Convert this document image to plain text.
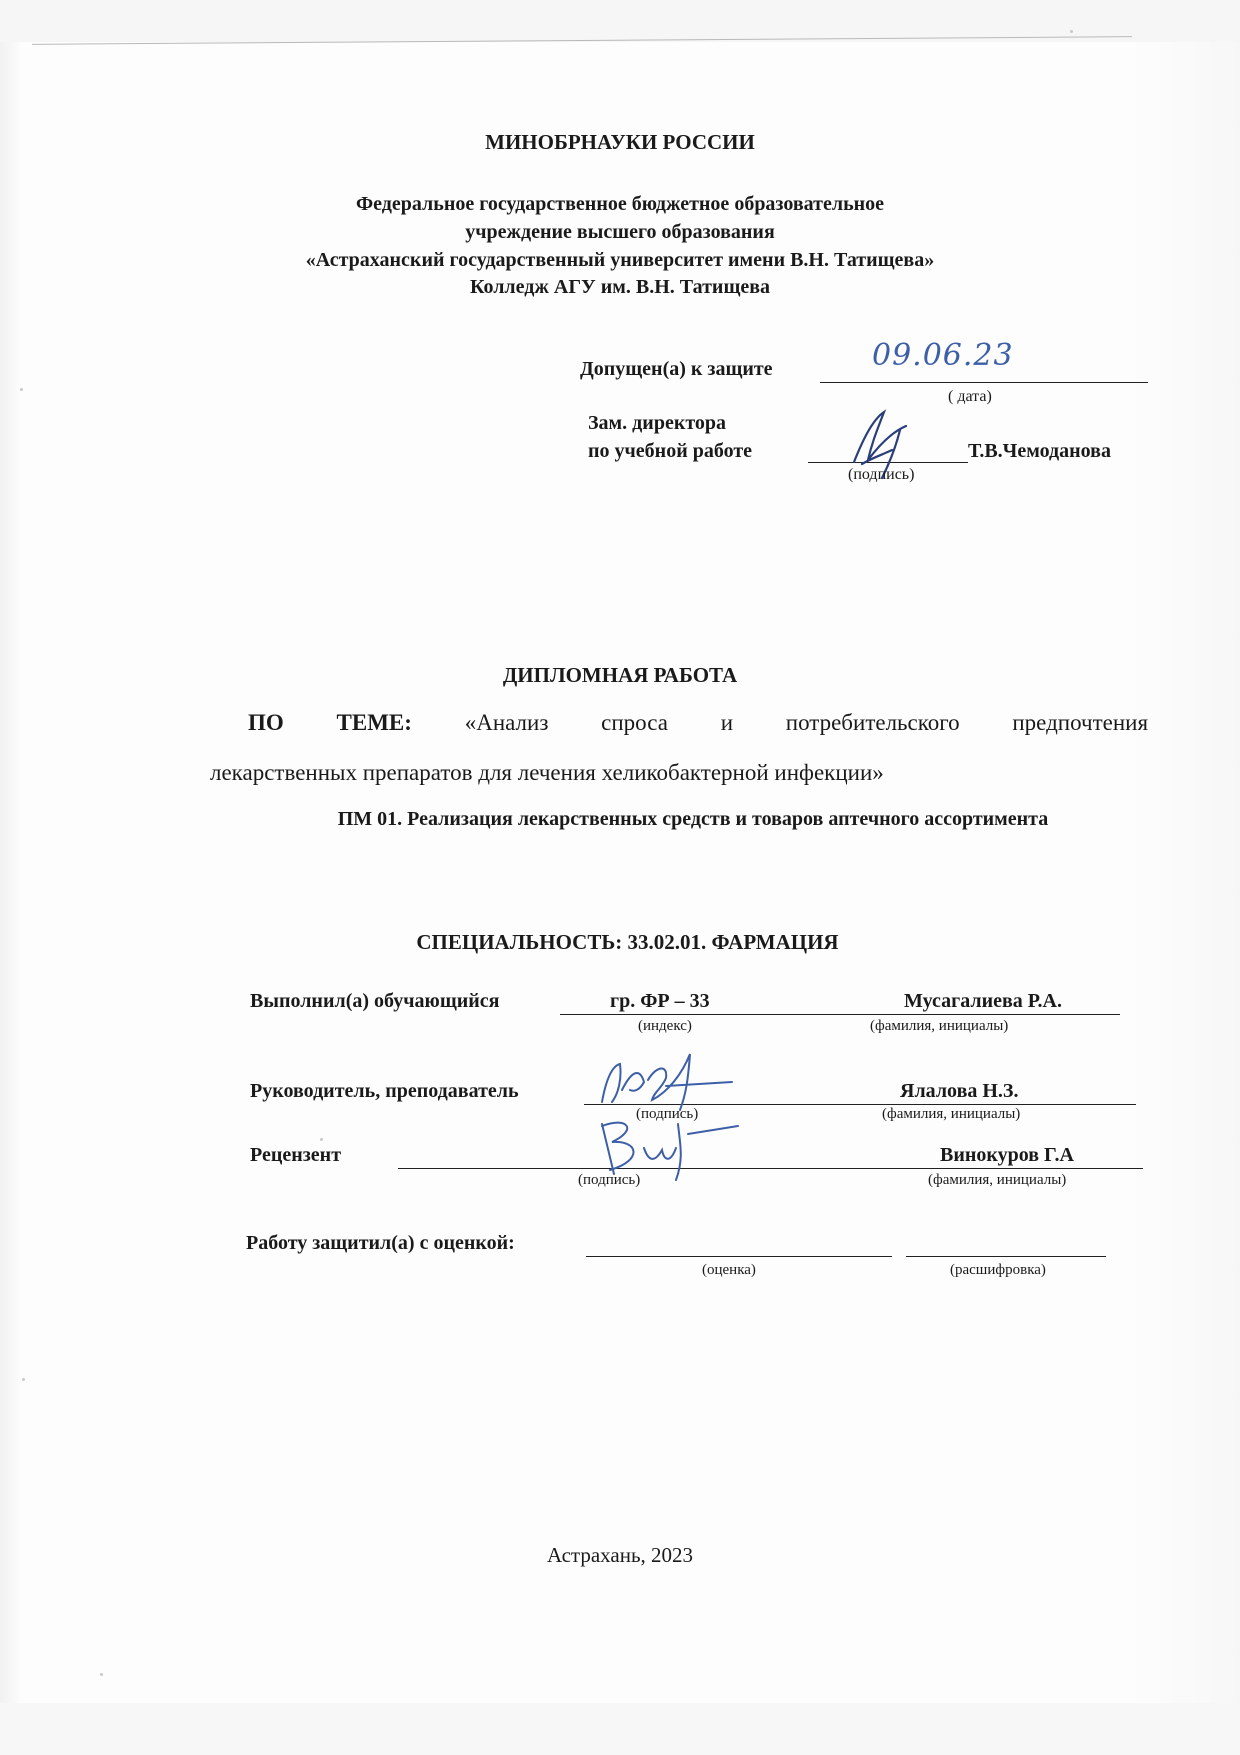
МИНОБРНАУКИ РОССИИ
Федеральное государственное бюджетное образовательное
учреждение высшего образования
«Астраханский государственный университет имени В.Н. Татищева»
Колледж АГУ им. В.Н. Татищева
Допущен(а) к защите	09.06.23
( дата)
Зам. директора
по учебной работе	Т.В.Чемоданова
(подпись)
ДИПЛОМНАЯ РАБОТА
ПО ТЕМЕ: «Анализ спроса и потребительского предпочтения
лекарственных препаратов для лечения хеликобактерной инфекции»
ПМ 01. Реализация лекарственных средств и товаров аптечного ассортимента
СПЕЦИАЛЬНОСТЬ: 33.02.01. ФАРМАЦИЯ
Выполнил(а) обучающийся	гр. ФР – 33	Мусагалиева Р.А.
(индекс)	(фамилия, инициалы)
Руководитель, преподаватель	Ялалова Н.З.
(подпись)	(фамилия, инициалы)
Рецензент	Винокуров Г.А
(подпись)	(фамилия, инициалы)
Работу защитил(а) с оценкой:
(оценка)	(расшифровка)
Астрахань, 2023
